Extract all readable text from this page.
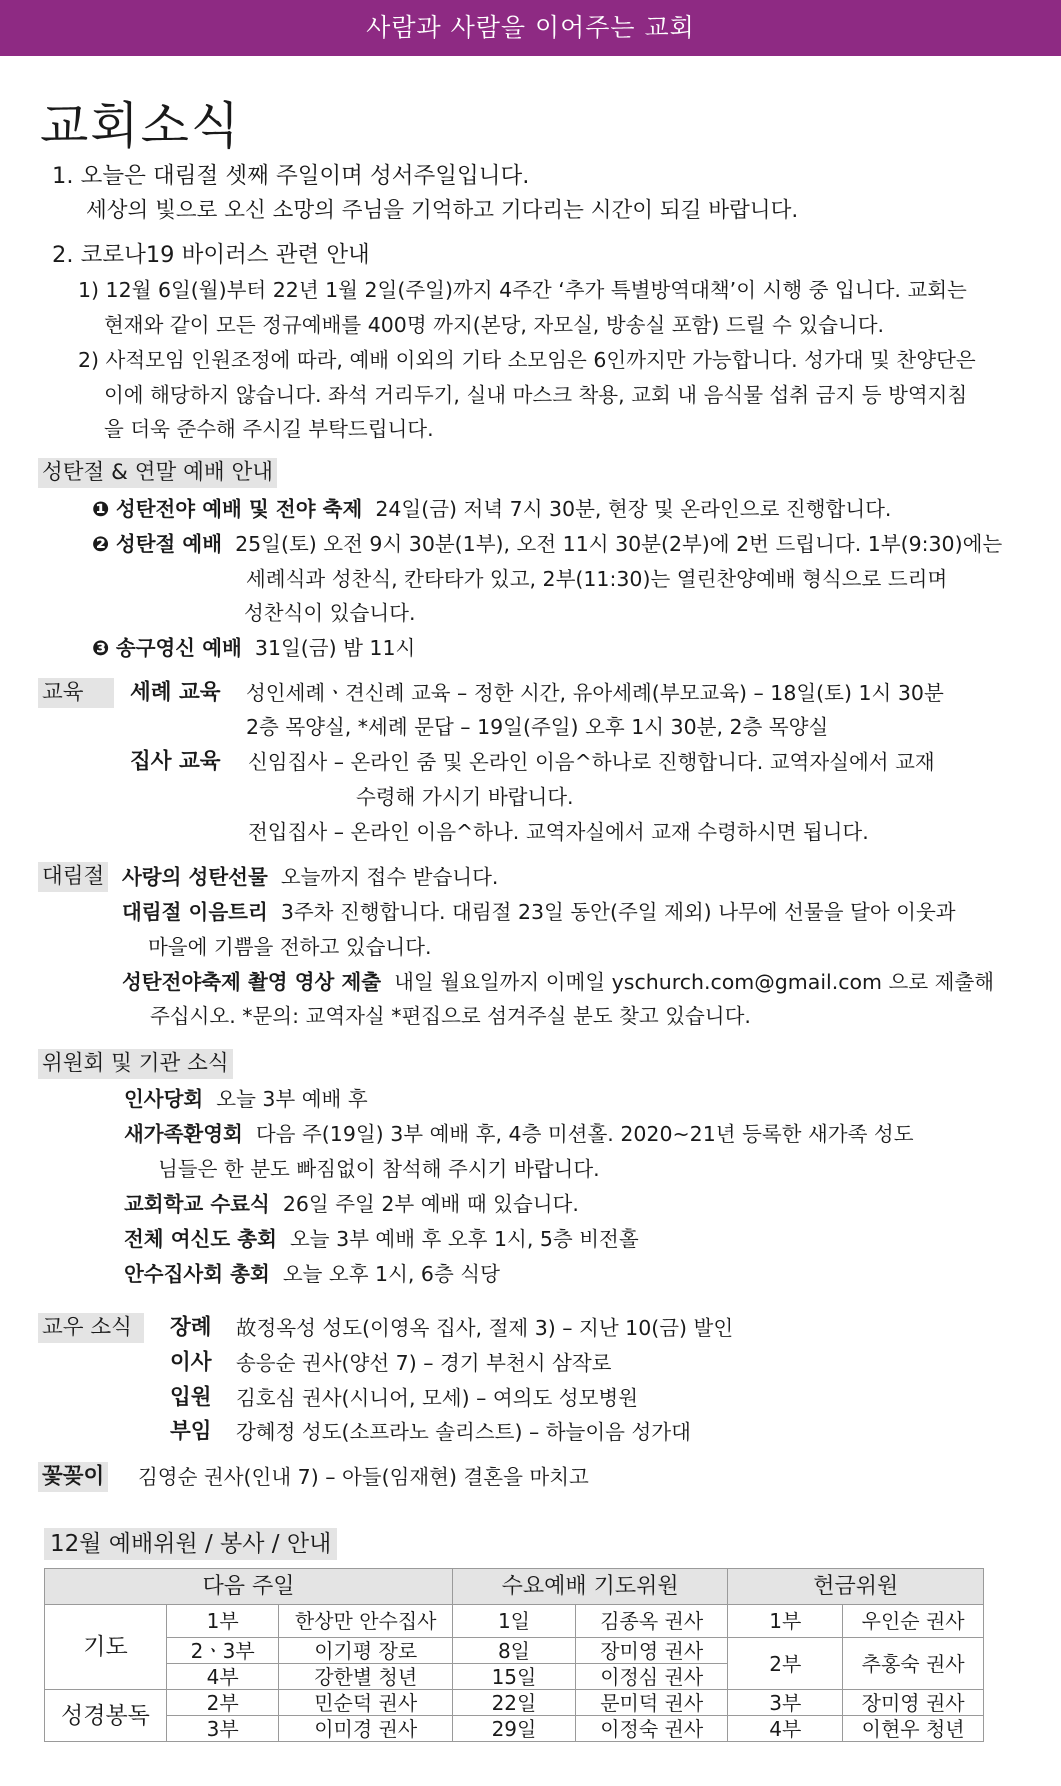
사람과 사람을 이어주는 교회
교회소식
1. 오늘은 대림절 셋째 주일이며 성서주일입니다.
세상의 빛으로 오신 소망의 주님을 기억하고 기다리는 시간이 되길 바랍니다.
2. 코로나19 바이러스 관련 안내
1) 12월 6일(월)부터 22년 1월 2일(주일)까지 4주간 ‘추가 특별방역대책’이 시행 중 입니다. 교회는
현재와 같이 모든 정규예배를 400명 까지(본당, 자모실, 방송실 포함) 드릴 수 있습니다.
2) 사적모임 인원조정에 따라, 예배 이외의 기타 소모임은 6인까지만 가능합니다. 성가대 및 찬양단은
이에 해당하지 않습니다. 좌석 거리두기, 실내 마스크 착용, 교회 내 음식물 섭취 금지 등 방역지침
을 더욱 준수해 주시길 부탁드립니다.
성탄절 & 연말 예배 안내
❶ 성탄전야 예배 및 전야 축제 24일(금) 저녁 7시 30분, 현장 및 온라인으로 진행합니다.
❷ 성탄절 예배 25일(토) 오전 9시 30분(1부), 오전 11시 30분(2부)에 2번 드립니다. 1부(9:30)에는
세례식과 성찬식, 칸타타가 있고, 2부(11:30)는 열린찬양예배 형식으로 드리며
성찬식이 있습니다.
❸ 송구영신 예배 31일(금) 밤 11시
교육	세례 교육 성인세례ㆍ견신례 교육 – 정한 시간, 유아세례(부모교육) – 18일(토) 1시 30분
2층 목양실, *세례 문답 – 19일(주일) 오후 1시 30분, 2층 목양실
집사 교육 신임집사 – 온라인 줌 및 온라인 이음^하나로 진행합니다. 교역자실에서 교재
수령해 가시기 바랍니다.
전입집사 – 온라인 이음^하나. 교역자실에서 교재 수령하시면 됩니다.
대림절 사랑의 성탄선물 오늘까지 접수 받습니다.
대림절 이음트리 3주차 진행합니다. 대림절 23일 동안(주일 제외) 나무에 선물을 달아 이웃과
마을에 기쁨을 전하고 있습니다.
성탄전야축제 촬영 영상 제출 내일 월요일까지 이메일 yschurch.com@gmail.com 으로 제출해
주십시오. *문의: 교역자실 *편집으로 섬겨주실 분도 찾고 있습니다.
위원회 및 기관 소식
인사당회 오늘 3부 예배 후
새가족환영회 다음 주(19일) 3부 예배 후, 4층 미션홀. 2020~21년 등록한 새가족 성도
님들은 한 분도 빠짐없이 참석해 주시기 바랍니다.
교회학교 수료식 26일 주일 2부 예배 때 있습니다.
전체 여신도 총회 오늘 3부 예배 후 오후 1시, 5층 비전홀
안수집사회 총회 오늘 오후 1시, 6층 식당
교우 소식	장례 故정옥성 성도(이영옥 집사, 절제 3) – 지난 10(금) 발인
이사 송응순 권사(양선 7) – 경기 부천시 삼작로
입원 김호심 권사(시니어, 모세) – 여의도 성모병원
부임 강혜정 성도(소프라노 솔리스트) – 하늘이음 성가대
꽃꽂이 김영순 권사(인내 7) – 아들(임재현) 결혼을 마치고
12월 예배위원 / 봉사 / 안내
다음 주일			수요예배 기도위원		헌금위원	
기도	1부	한상만 안수집사	1일	김종옥 권사	1부	우인순 권사
	2ㆍ3부	이기평 장로	8일	장미영 권사	2부	추홍숙 권사
	4부	강한별 청년	15일	이정심 권사		
성경봉독	2부	민순덕 권사	22일	문미덕 권사	3부	장미영 권사
	3부	이미경 권사	29일	이정숙 권사	4부	이현우 청년
